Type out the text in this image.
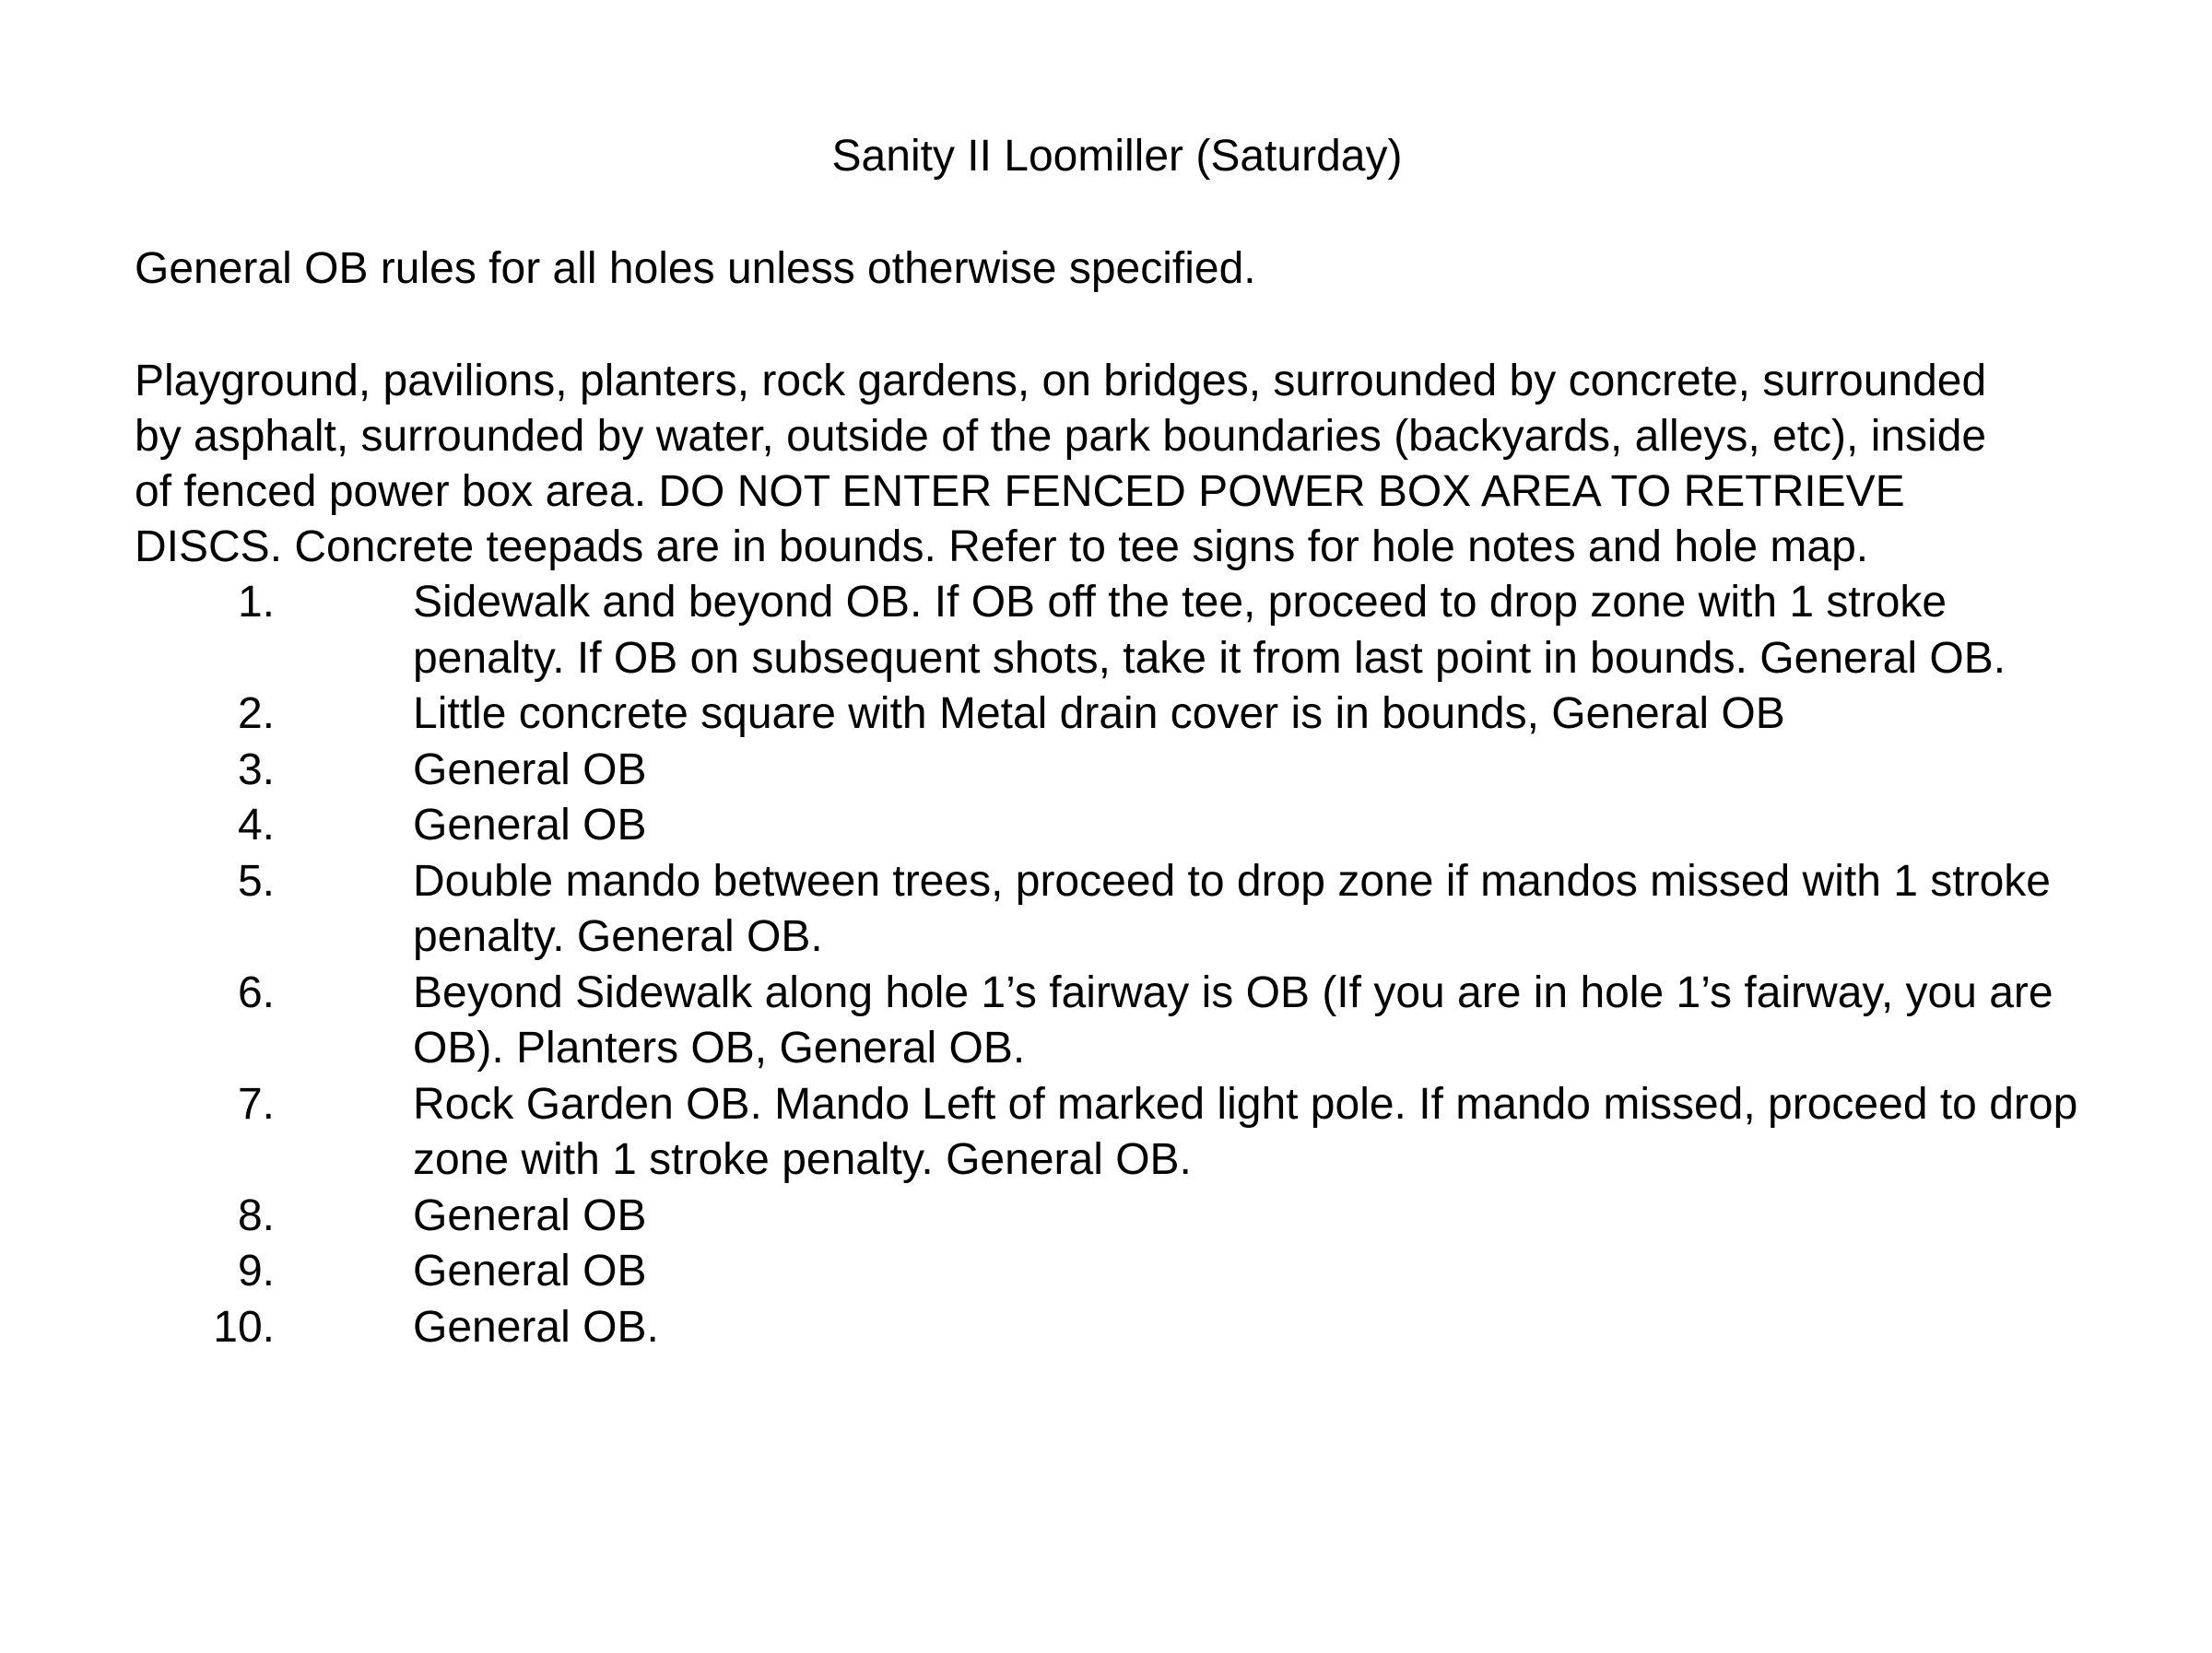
Sanity II Loomiller (Saturday)
General OB rules for all holes unless otherwise specified.
Playground, pavilions, planters, rock gardens, on bridges, surrounded by concrete, surrounded
by asphalt, surrounded by water, outside of the park boundaries (backyards, alleys, etc), inside
of fenced power box area. DO NOT ENTER FENCED POWER BOX AREA TO RETRIEVE
DISCS. Concrete teepads are in bounds. Refer to tee signs for hole notes and hole map.
1.	Sidewalk and beyond OB. If OB off the tee, proceed to drop zone with 1 stroke penalty. If OB on subsequent shots, take it from last point in bounds. General OB.
2.	Little concrete square with Metal drain cover is in bounds, General OB
3.	General OB
4.	General OB
5.	Double mando between trees, proceed to drop zone if mandos missed with 1 stroke penalty. General OB.
6.	Beyond Sidewalk along hole 1’s fairway is OB (If you are in hole 1’s fairway, you are OB). Planters OB, General OB.
7.	Rock Garden OB. Mando Left of marked light pole. If mando missed, proceed to drop zone with 1 stroke penalty. General OB.
8.	General OB
9.	General OB
10.	General OB.
